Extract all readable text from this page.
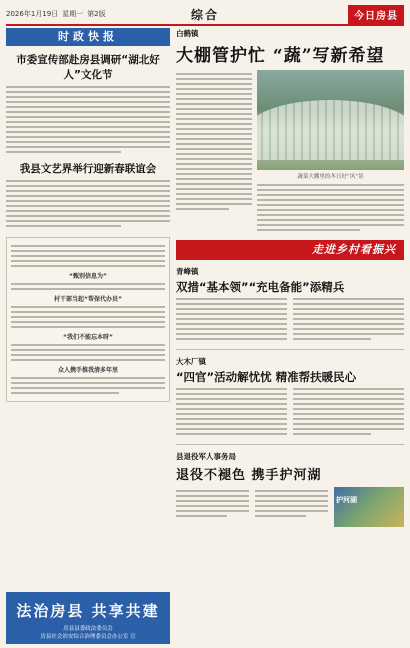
2026年1月19日 星期一 第2版	综合	今日房县
时政快报
市委宣传部赴房县调研“湖北好人”文化节
我县文艺界举行迎新春联谊会
“甄别信息为”
村干部当起“帮保代办员”
“我们不能忘本呀”
众人携手推我清多年里
法治房县 共享共建
房县县委政法委员会
房县社会治安综合治理委员会办公室 宣
白鹤镇
大棚管护忙 “蔬”写新希望
蔬菜大棚里的冬日好“风”景
走进乡村看振兴
青峰镇
双措“基本领”“充电备能”添精兵
大木厂镇
“四官”活动解忧忧 精准帮扶暖民心
县退役军人事务局
退役不褪色 携手护河湖
护河湖
